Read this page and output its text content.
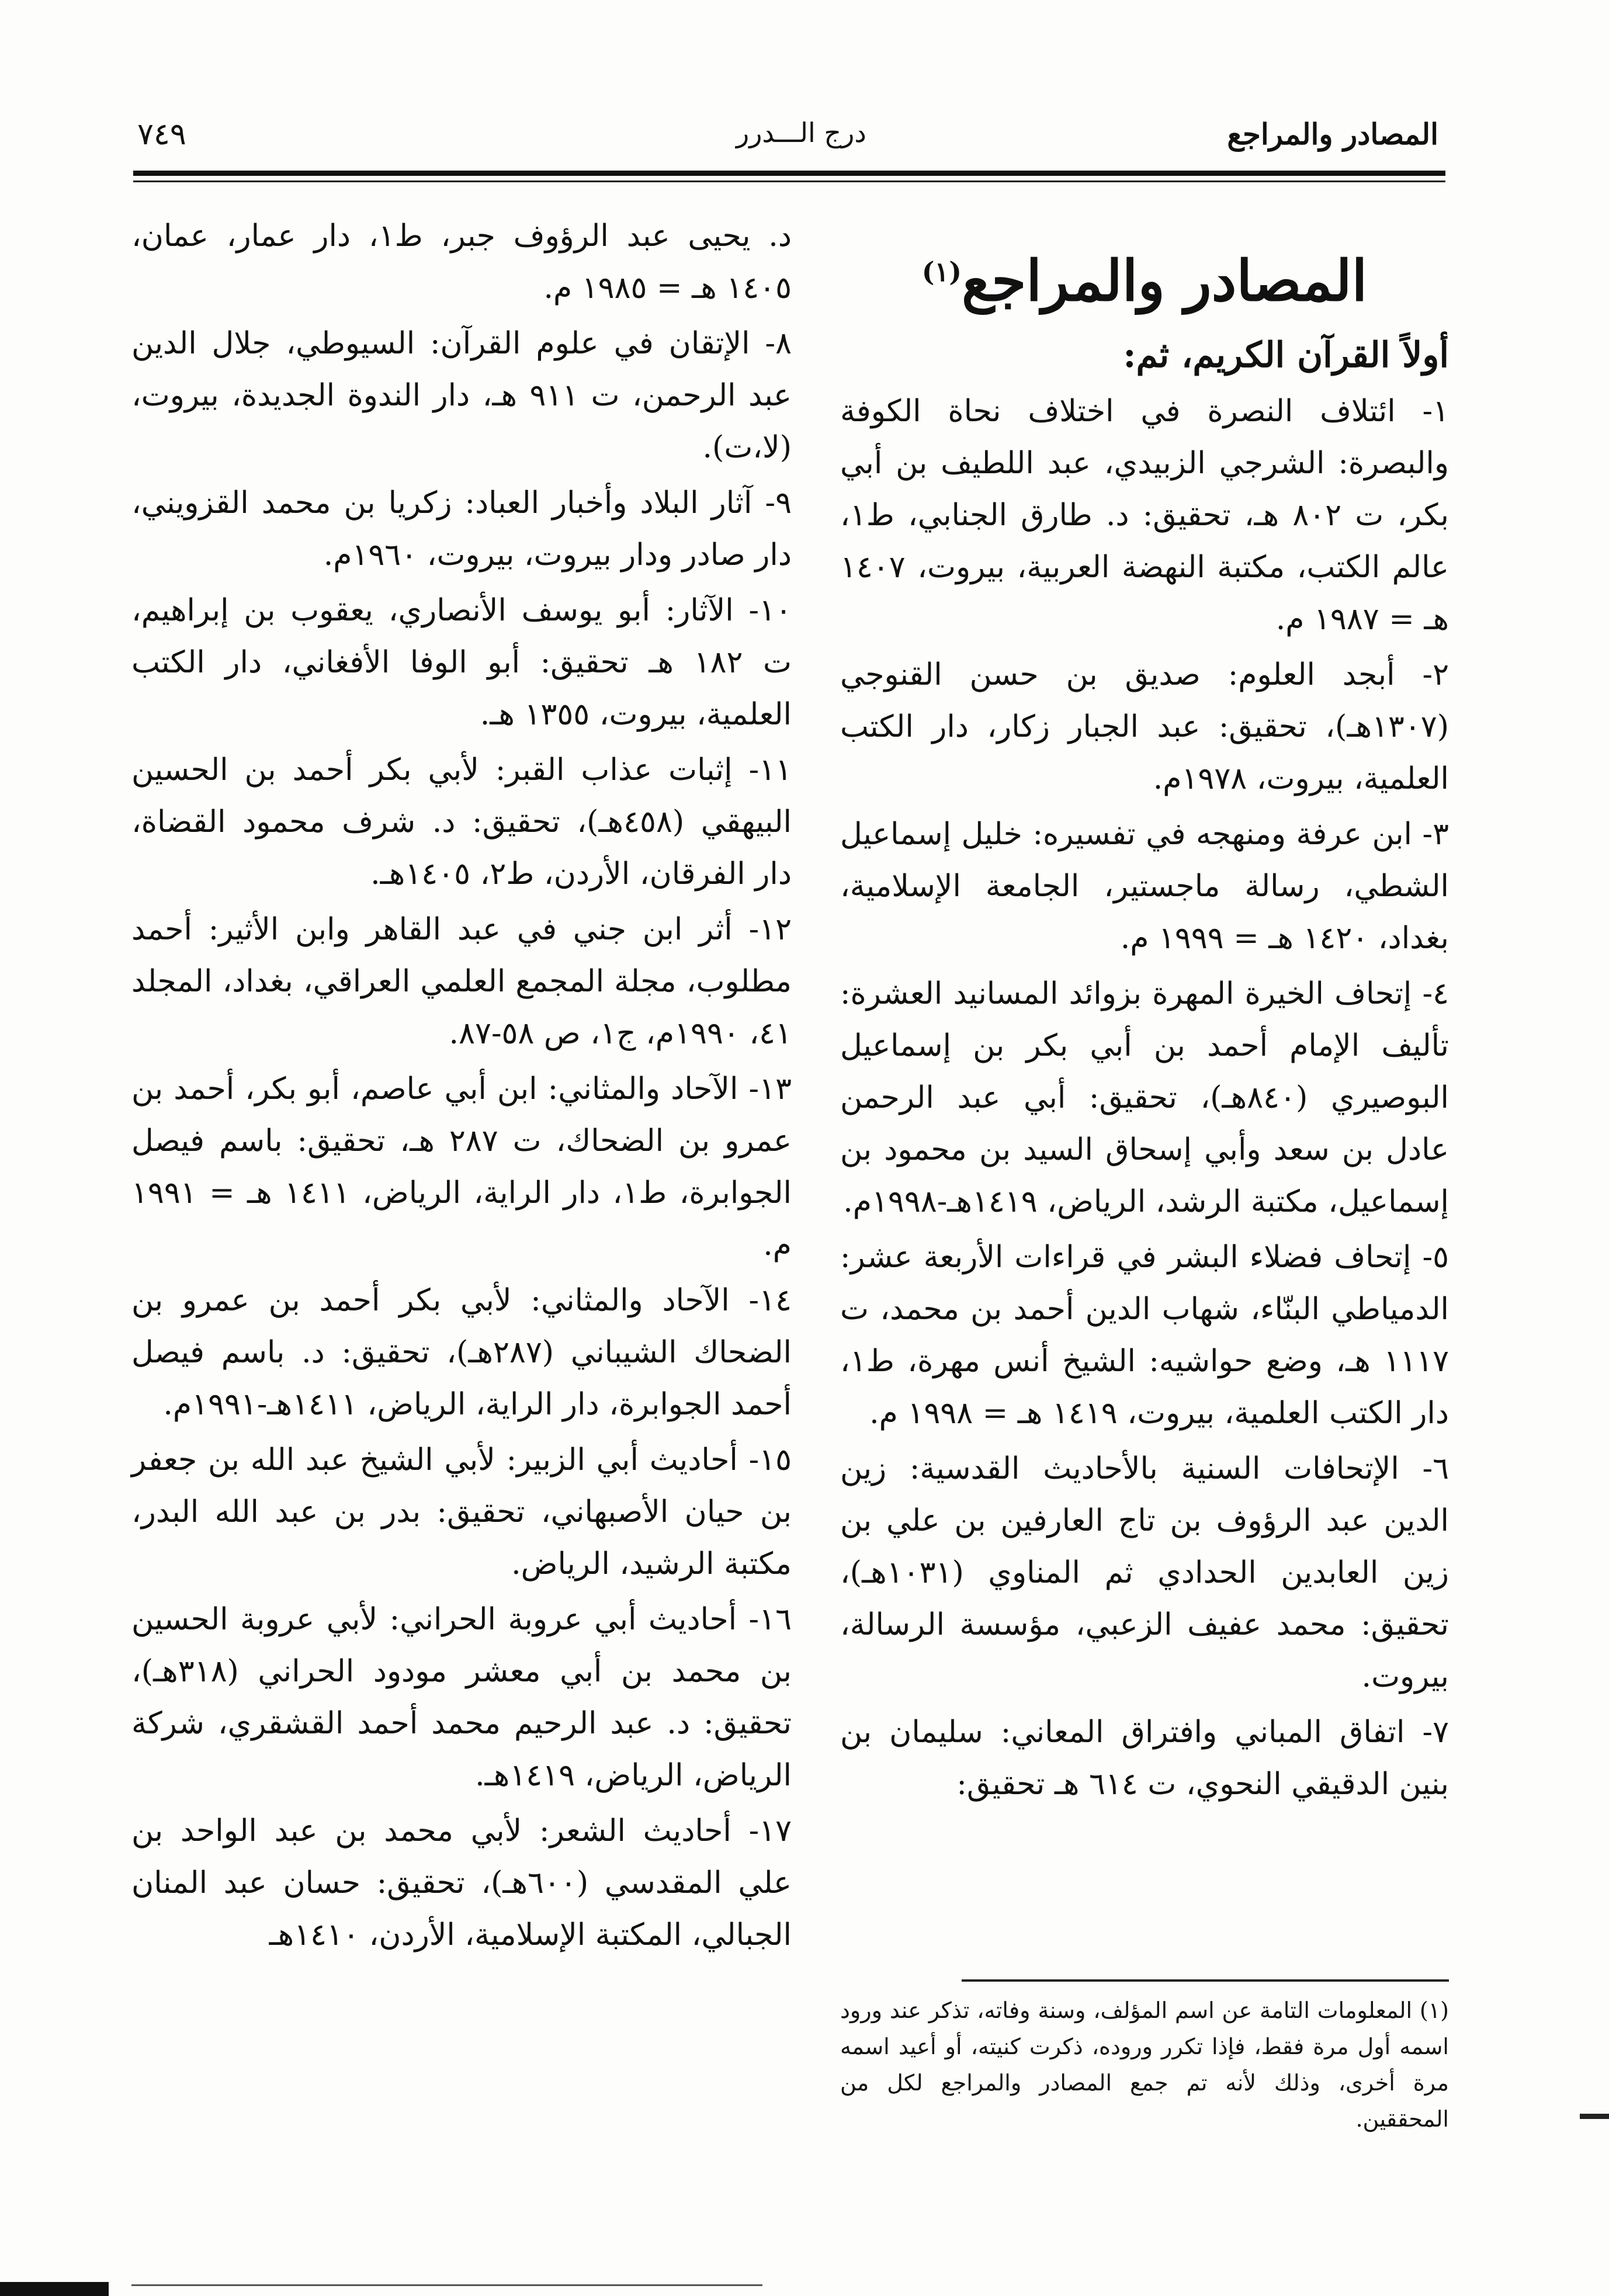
المصادر والمراجع
درج الـــدرر
٧٤٩
المصادر والمراجع$^{(١)}$
أولاً القرآن الكريم، ثم:
١- ائتلاف النصرة في اختلاف نحاة الكوفة والبصرة: الشرجي الزبيدي، عبد اللطيف بن أبي بكر، ت ٨٠٢ هـ، تحقيق: د. طارق الجنابي، ط١، عالم الكتب، مكتبة النهضة العربية، بيروت، ١٤٠٧ هـ = ١٩٨٧ م.
٢- أبجد العلوم: صديق بن حسن القنوجي (١٣٠٧هـ)، تحقيق: عبد الجبار زكار، دار الكتب العلمية، بيروت، ١٩٧٨م.
٣- ابن عرفة ومنهجه في تفسيره: خليل إسماعيل الشطي، رسالة ماجستير، الجامعة الإسلامية، بغداد، ١٤٢٠ هـ = ١٩٩٩ م.
٤- إتحاف الخيرة المهرة بزوائد المسانيد العشرة: تأليف الإمام أحمد بن أبي بكر بن إسماعيل البوصيري (٨٤٠هـ)، تحقيق: أبي عبد الرحمن عادل بن سعد وأبي إسحاق السيد بن محمود بن إسماعيل، مكتبة الرشد، الرياض، ١٤١٩هـ-١٩٩٨م.
٥- إتحاف فضلاء البشر في قراءات الأربعة عشر: الدمياطي البنّاء، شهاب الدين أحمد بن محمد، ت ١١١٧ هـ، وضع حواشيه: الشيخ أنس مهرة، ط١، دار الكتب العلمية، بيروت، ١٤١٩ هـ = ١٩٩٨ م.
٦- الإتحافات السنية بالأحاديث القدسية: زين الدين عبد الرؤوف بن تاج العارفين بن علي بن زين العابدين الحدادي ثم المناوي (١٠٣١هـ)، تحقيق: محمد عفيف الزعبي، مؤسسة الرسالة، بيروت.
٧- اتفاق المباني وافتراق المعاني: سليمان بن بنين الدقيقي النحوي، ت ٦١٤ هـ تحقيق:
د. يحيى عبد الرؤوف جبر، ط١، دار عمار، عمان، ١٤٠٥ هـ = ١٩٨٥ م.
٨- الإتقان في علوم القرآن: السيوطي، جلال الدين عبد الرحمن، ت ٩١١ هـ، دار الندوة الجديدة، بيروت، (لا،ت).
٩- آثار البلاد وأخبار العباد: زكريا بن محمد القزويني، دار صادر ودار بيروت، بيروت، ١٩٦٠م.
١٠- الآثار: أبو يوسف الأنصاري، يعقوب بن إبراهيم، ت ١٨٢ هـ تحقيق: أبو الوفا الأفغاني، دار الكتب العلمية، بيروت، ١٣٥٥ هـ.
١١- إثبات عذاب القبر: لأبي بكر أحمد بن الحسين البيهقي (٤٥٨هـ)، تحقيق: د. شرف محمود القضاة، دار الفرقان، الأردن، ط٢، ١٤٠٥هـ.
١٢- أثر ابن جني في عبد القاهر وابن الأثير: أحمد مطلوب، مجلة المجمع العلمي العراقي، بغداد، المجلد ٤١، ١٩٩٠م، ج١، ص ٥٨-٨٧.
١٣- الآحاد والمثاني: ابن أبي عاصم، أبو بكر، أحمد بن عمرو بن الضحاك، ت ٢٨٧ هـ، تحقيق: باسم فيصل الجوابرة، ط١، دار الراية، الرياض، ١٤١١ هـ = ١٩٩١ م.
١٤- الآحاد والمثاني: لأبي بكر أحمد بن عمرو بن الضحاك الشيباني (٢٨٧هـ)، تحقيق: د. باسم فيصل أحمد الجوابرة، دار الراية، الرياض، ١٤١١هـ-١٩٩١م.
١٥- أحاديث أبي الزبير: لأبي الشيخ عبد الله بن جعفر بن حيان الأصبهاني، تحقيق: بدر بن عبد الله البدر، مكتبة الرشيد، الرياض.
١٦- أحاديث أبي عروبة الحراني: لأبي عروبة الحسين بن محمد بن أبي معشر مودود الحراني (٣١٨هـ)، تحقيق: د. عبد الرحيم محمد أحمد القشقري، شركة الرياض، الرياض، ١٤١٩هـ.
١٧- أحاديث الشعر: لأبي محمد بن عبد الواحد بن علي المقدسي (٦٠٠هـ)، تحقيق: حسان عبد المنان الجبالي، المكتبة الإسلامية، الأردن، ١٤١٠هـ
(١) المعلومات التامة عن اسم المؤلف، وسنة وفاته، تذكر عند ورود اسمه أول مرة فقط، فإذا تكرر وروده، ذكرت كنيته، أو أعيد اسمه مرة أخرى، وذلك لأنه تم جمع المصادر والمراجع لكل من المحققين.
